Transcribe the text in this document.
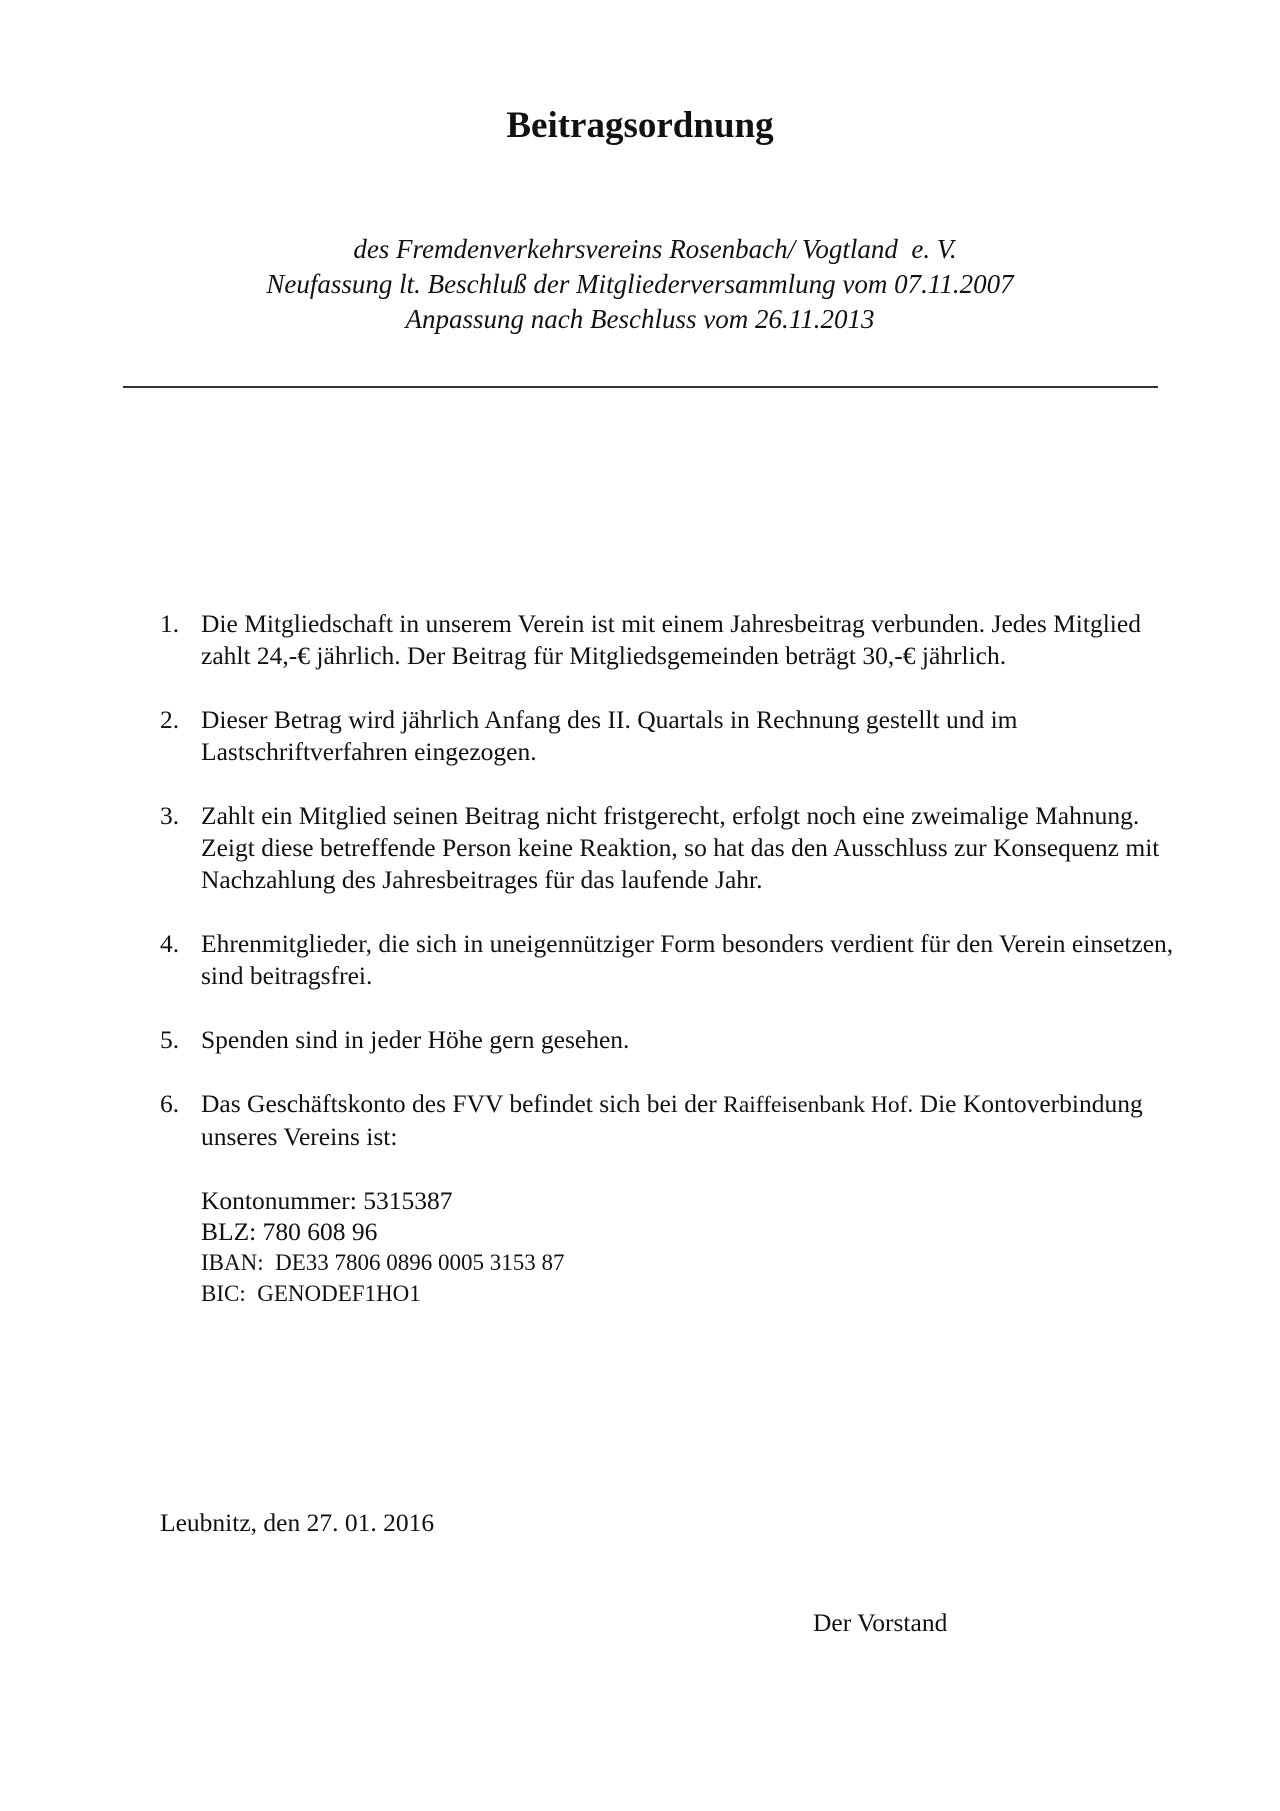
Beitragsordnung
des Fremdenverkehrsvereins Rosenbach/ Vogtland  e. V.
Neufassung lt. Beschluß der Mitgliederversammlung vom 07.11.2007
Anpassung nach Beschluss vom 26.11.2013
1. Die Mitgliedschaft in unserem Verein ist mit einem Jahresbeitrag verbunden. Jedes Mitglied zahlt 24,-€ jährlich. Der Beitrag für Mitgliedsgemeinden beträgt 30,-€ jährlich.
2. Dieser Betrag wird jährlich Anfang des II. Quartals in Rechnung gestellt und im Lastschriftverfahren eingezogen.
3. Zahlt ein Mitglied seinen Beitrag nicht fristgerecht, erfolgt noch eine zweimalige Mahnung. Zeigt diese betreffende Person keine Reaktion, so hat das den Ausschluss zur Konsequenz mit Nachzahlung des Jahresbeitrages für das laufende Jahr.
4. Ehrenmitglieder, die sich in uneigennütziger Form besonders verdient für den Verein einsetzen, sind beitragsfrei.
5. Spenden sind in jeder Höhe gern gesehen.
6. Das Geschäftskonto des FVV befindet sich bei der Raiffeisenbank Hof. Die Kontoverbindung unseres Vereins ist:
Kontonummer: 5315387
BLZ: 780 608 96
IBAN:  DE33 7806 0896 0005 3153 87
BIC:  GENODEF1HO1
Leubnitz, den 27. 01. 2016
Der Vorstand
